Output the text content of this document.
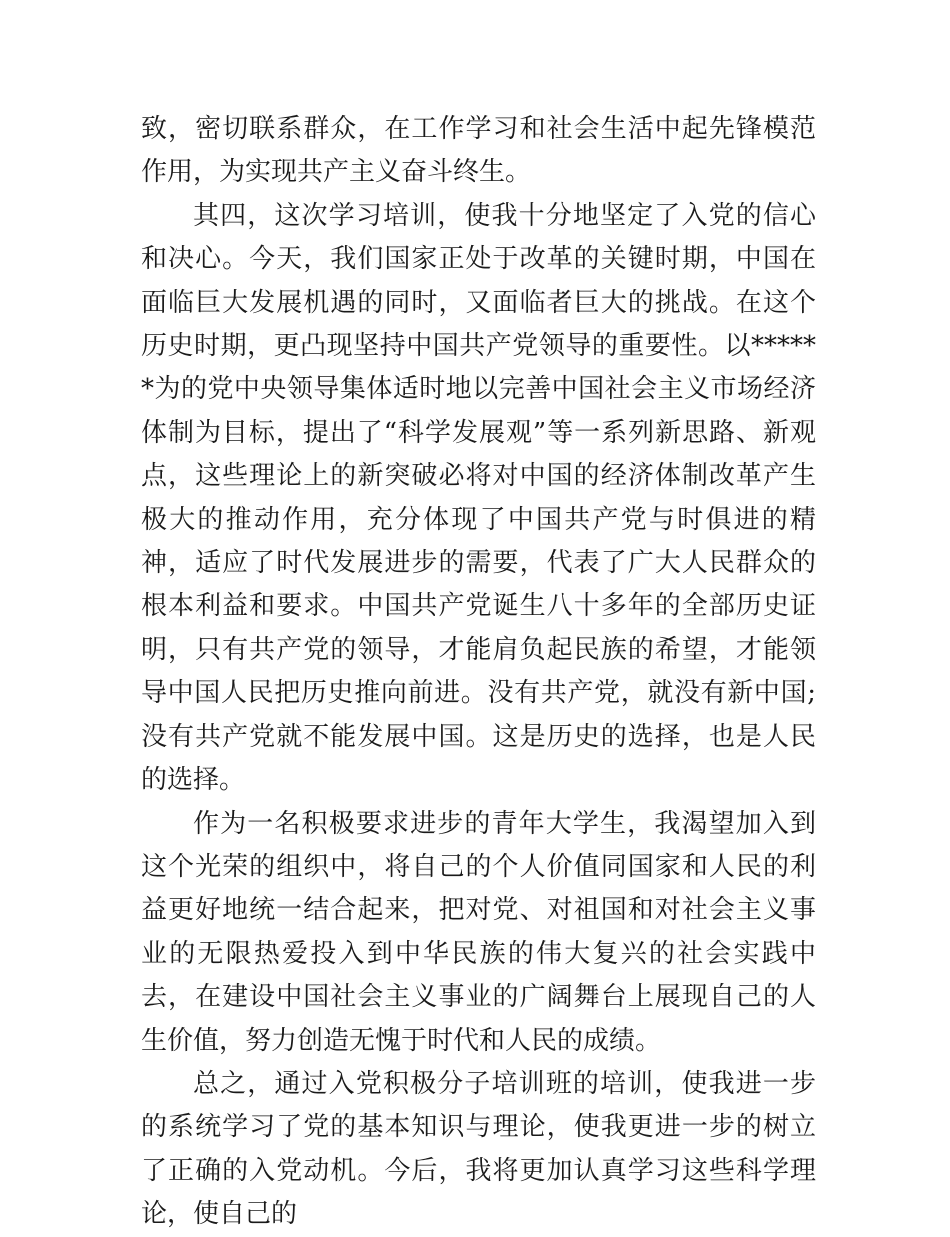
致，密切联系群众，在工作学习和社会生活中起先锋模范作用，为实现共产主义奋斗终生。

其四，这次学习培训，使我十分地坚定了入党的信心和决心。今天，我们国家正处于改革的关键时期，中国在面临巨大发展机遇的同时，又面临者巨大的挑战。在这个历史时期，更凸现坚持中国共产党领导的重要性。以******为的党中央领导集体适时地以完善中国社会主义市场经济体制为目标，提出了“科学发展观”等一系列新思路、新观点，这些理论上的新突破必将对中国的经济体制改革产生极大的推动作用，充分体现了中国共产党与时俱进的精神，适应了时代发展进步的需要，代表了广大人民群众的根本利益和要求。中国共产党诞生八十多年的全部历史证明，只有共产党的领导，才能肩负起民族的希望，才能领导中国人民把历史推向前进。没有共产党，就没有新中国;没有共产党就不能发展中国。这是历史的选择，也是人民的选择。

作为一名积极要求进步的青年大学生，我渴望加入到这个光荣的组织中，将自己的个人价值同国家和人民的利益更好地统一结合起来，把对党、对祖国和对社会主义事业的无限热爱投入到中华民族的伟大复兴的社会实践中去，在建设中国社会主义事业的广阔舞台上展现自己的人生价值，努力创造无愧于时代和人民的成绩。

总之，通过入党积极分子培训班的培训，使我进一步的系统学习了党的基本知识与理论，使我更进一步的树立了正确的入党动机。今后，我将更加认真学习这些科学理论，使自己的
